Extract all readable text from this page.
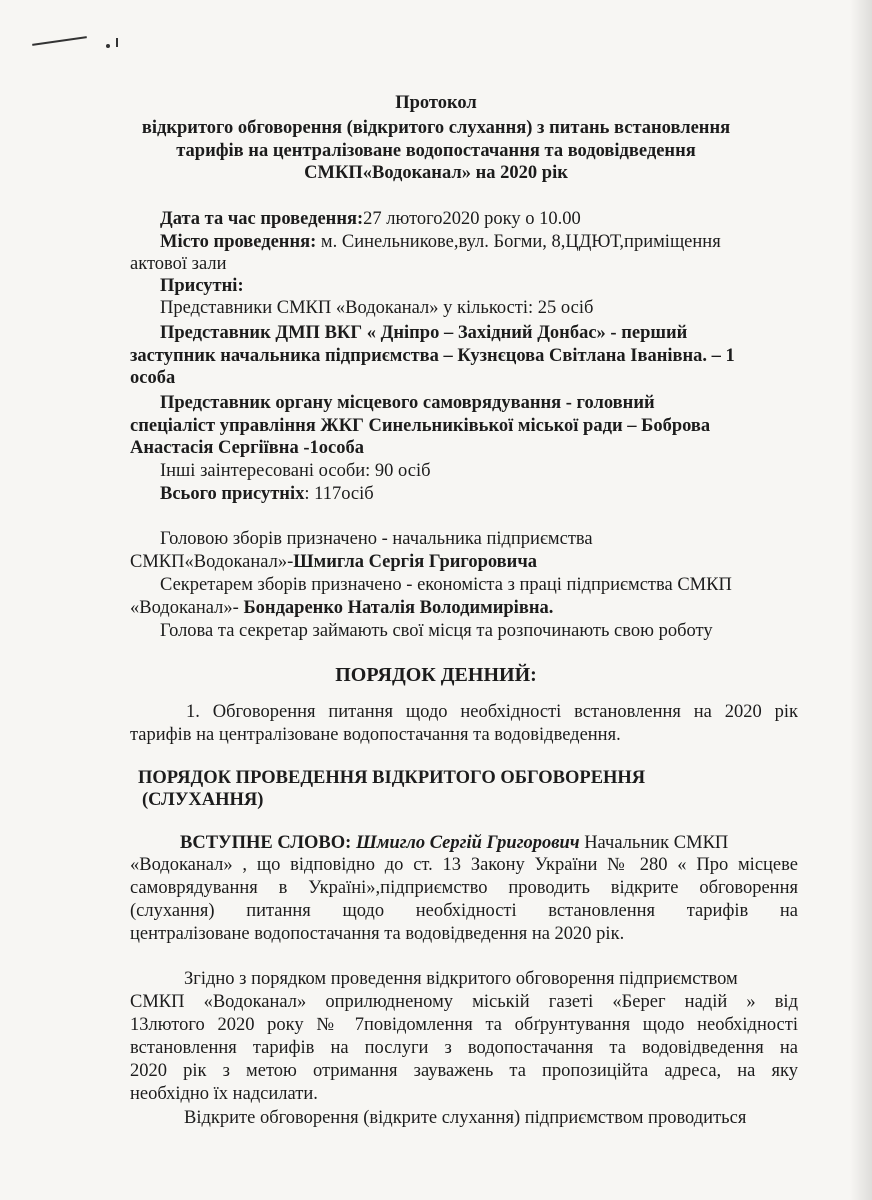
Протокол
відкритого обговорення (відкритого слухання) з питань встановлення
тарифів на централізоване водопостачання та водовідведення
СМКП«Водоканал» на 2020 рік
Дата та час проведення:27 лютого2020 року о 10.00
Місто проведення: м. Синельникове,вул. Богми, 8,ЦДЮТ,приміщення
актової зали
Присутні:
Представники СМКП «Водоканал» у кількості: 25 осіб
Представник ДМП ВКГ « Дніпро – Західний Донбас» - перший
заступник начальника підприємства – Кузнєцова Світлана Іванівна. – 1
особа
Представник органу місцевого самоврядування - головний
спеціаліст управління ЖКГ Синельниківької міської ради – Боброва
Анастасія Сергіївна -1особа
Інші заінтересовані особи: 90 осіб
Всього присутніх: 117осіб
Головою зборів призначено - начальника підприємства
СМКП«Водоканал»-Шмигла Сергія Григоровича
Секретарем зборів призначено - економіста з праці підприємства СМКП
«Водоканал»- Бондаренко Наталія Володимирівна.
Голова та секретар займають свої місця та розпочинають свою роботу
ПОРЯДОК ДЕННИЙ:
1. Обговорення питання щодо необхідності встановлення на 2020 рік
тарифів на централізоване водопостачання та водовідведення.
ПОРЯДОК ПРОВЕДЕННЯ ВІДКРИТОГО ОБГОВОРЕННЯ
(СЛУХАННЯ)
ВСТУПНЕ СЛОВО: Шмигло Сергій Григорович Начальник СМКП
«Водоканал» , що відповідно до ст. 13 Закону України № 280 « Про місцеве
самоврядування в Україні»,підприємство проводить відкрите обговорення
(слухання) питання щодо необхідності встановлення тарифів на
централізоване водопостачання та водовідведення на 2020 рік.
Згідно з порядком проведення відкритого обговорення підприємством
СМКП «Водоканал» оприлюдненому міській газеті «Берег надій » від
13лютого 2020 року № 7повідомлення та обґрунтування щодо необхідності
встановлення тарифів на послуги з водопостачання та водовідведення на
2020 рік з метою отримання зауважень та пропозиційта адреса, на яку
необхідно їх надсилати.
Відкрите обговорення (відкрите слухання) підприємством проводиться
